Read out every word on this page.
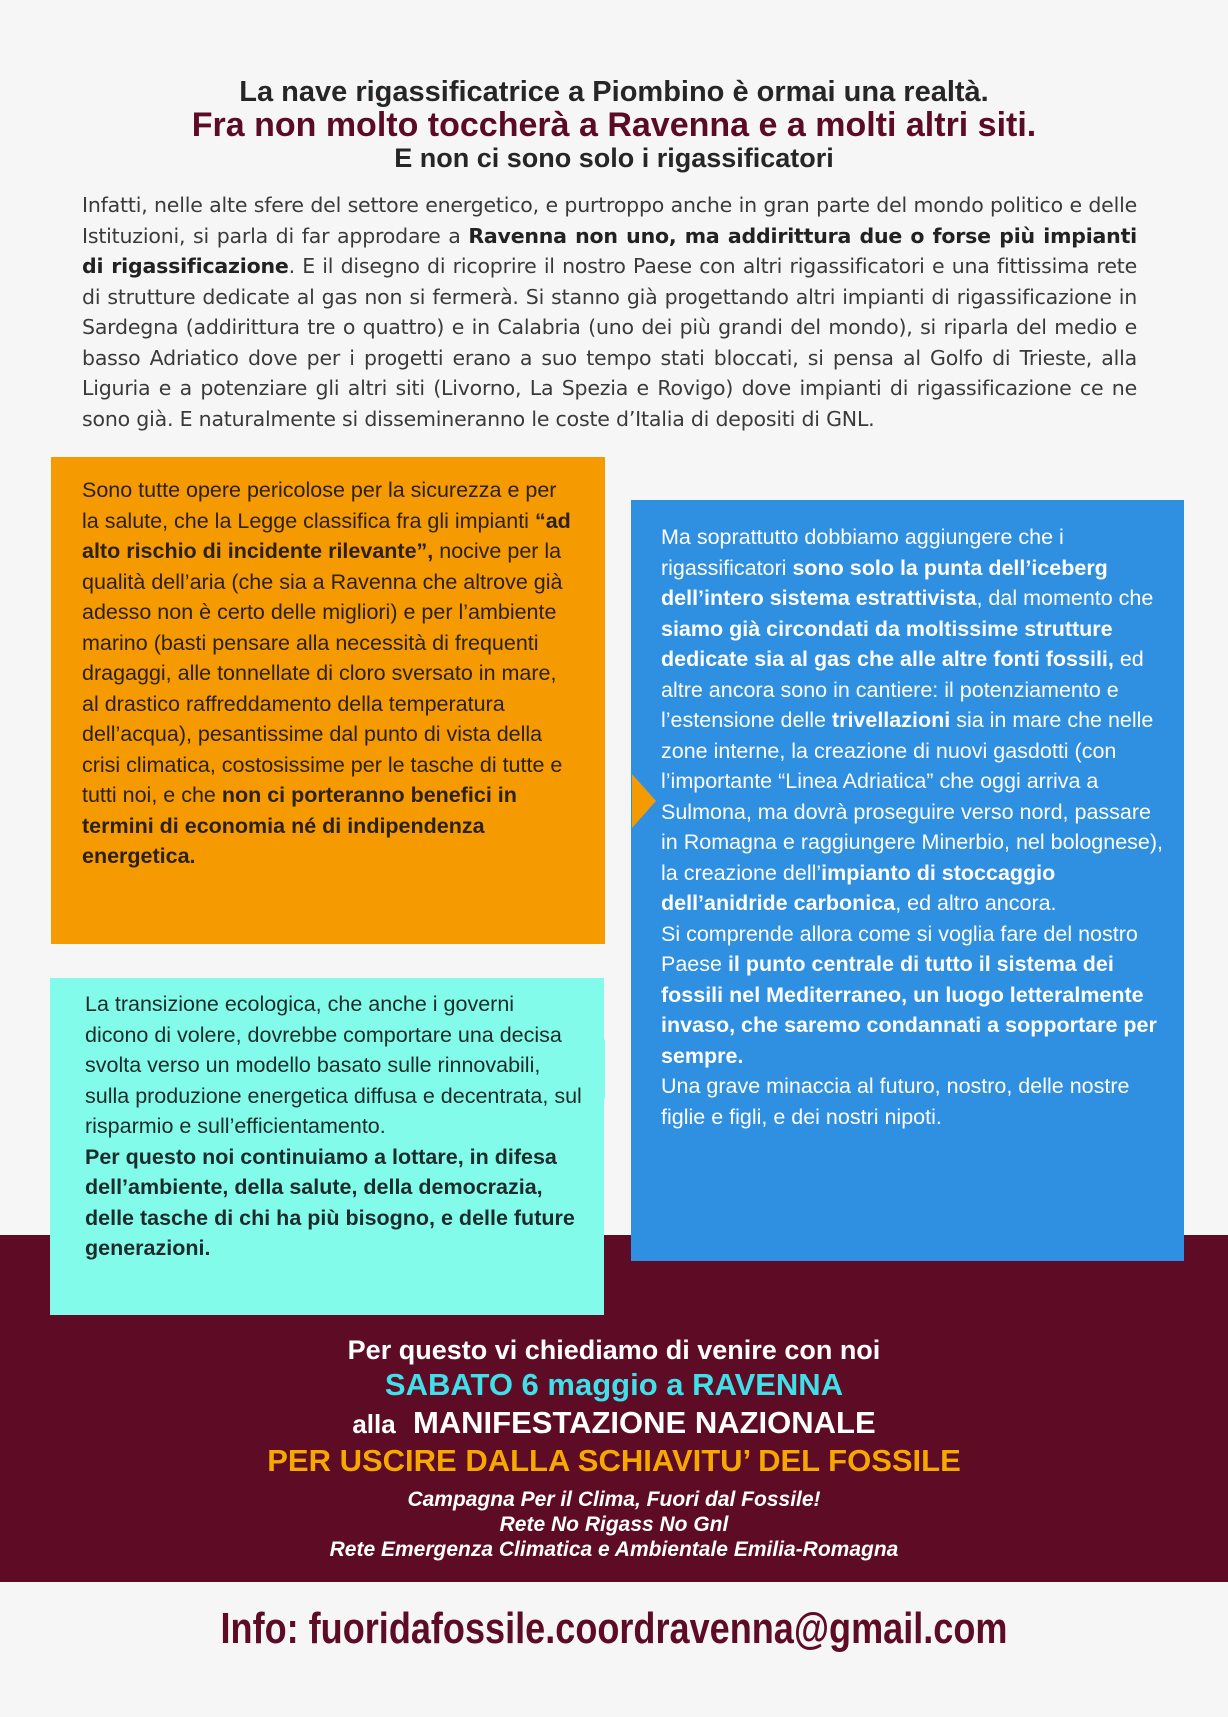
La nave rigassificatrice a Piombino è ormai una realtà.
Fra non molto toccherà a Ravenna e a molti altri siti.
E non ci sono solo i rigassificatori

Infatti, nelle alte sfere del settore energetico, e purtroppo anche in gran parte del mondo politico e delle Istituzioni, si parla di far approdare a Ravenna non uno, ma addirittura due o forse più impianti di rigassificazione. E il disegno di ricoprire il nostro Paese con altri rigassificatori e una fittissima rete di strutture dedicate al gas non si fermerà. Si stanno già progettando altri impianti di rigassificazione in Sardegna (addirittura tre o quattro) e in Calabria (uno dei più grandi del mondo), si riparla del medio e basso Adriatico dove per i progetti erano a suo tempo stati bloccati, si pensa al Golfo di Trieste, alla Liguria e a potenziare gli altri siti (Livorno, La Spezia e Rovigo) dove impianti di rigassificazione ce ne sono già. E naturalmente si dissemineranno le coste d’Italia di depositi di GNL.

Sono tutte opere pericolose per la sicurezza e per la salute, che la Legge classifica fra gli impianti “ad alto rischio di incidente rilevante”, nocive per la qualità dell’aria (che sia a Ravenna che altrove già adesso non è certo delle migliori) e per l’ambiente marino (basti pensare alla necessità di frequenti dragaggi, alle tonnellate di cloro sversato in mare, al drastico raffreddamento della temperatura dell’acqua), pesantissime dal punto di vista della crisi climatica, costosissime per le tasche di tutte e tutti noi, e che non ci porteranno benefici in termini di economia né di indipendenza energetica.

Ma soprattutto dobbiamo aggiungere che i rigassificatori sono solo la punta dell’iceberg dell’intero sistema estrattivista, dal momento che siamo già circondati da moltissime strutture dedicate sia al gas che alle altre fonti fossili, ed altre ancora sono in cantiere: il potenziamento e l’estensione delle trivellazioni sia in mare che nelle zone interne, la creazione di nuovi gasdotti (con l’importante “Linea Adriatica” che oggi arriva a Sulmona, ma dovrà proseguire verso nord, passare in Romagna e raggiungere Minerbio, nel bolognese), la creazione dell’impianto di stoccaggio dell’anidride carbonica, ed altro ancora.

Si comprende allora come si voglia fare del nostro Paese il punto centrale di tutto il sistema dei fossili nel Mediterraneo, un luogo letteralmente invaso, che saremo condannati a sopportare per sempre.

Una grave minaccia al futuro, nostro, delle nostre figlie e figli, e dei nostri nipoti.

La transizione ecologica, che anche i governi dicono di volere, dovrebbe comportare una decisa svolta verso un modello basato sulle rinnovabili, sulla produzione energetica diffusa e decentrata, sul risparmio e sull’efficientamento.

Per questo noi continuiamo a lottare, in difesa dell’ambiente, della salute, della democrazia, delle tasche di chi ha più bisogno, e delle future generazioni.

Per questo vi chiediamo di venire con noi

SABATO 6 maggio a RAVENNA

alla MANIFESTAZIONE NAZIONALE

PER USCIRE DALLA SCHIAVITU’ DEL FOSSILE

Campagna Per il Clima, Fuori dal Fossile!

Rete No Rigass No Gnl

Rete Emergenza Climatica e Ambientale Emilia-Romagna

Info: fuoridafossile.coordravenna@gmail.com
